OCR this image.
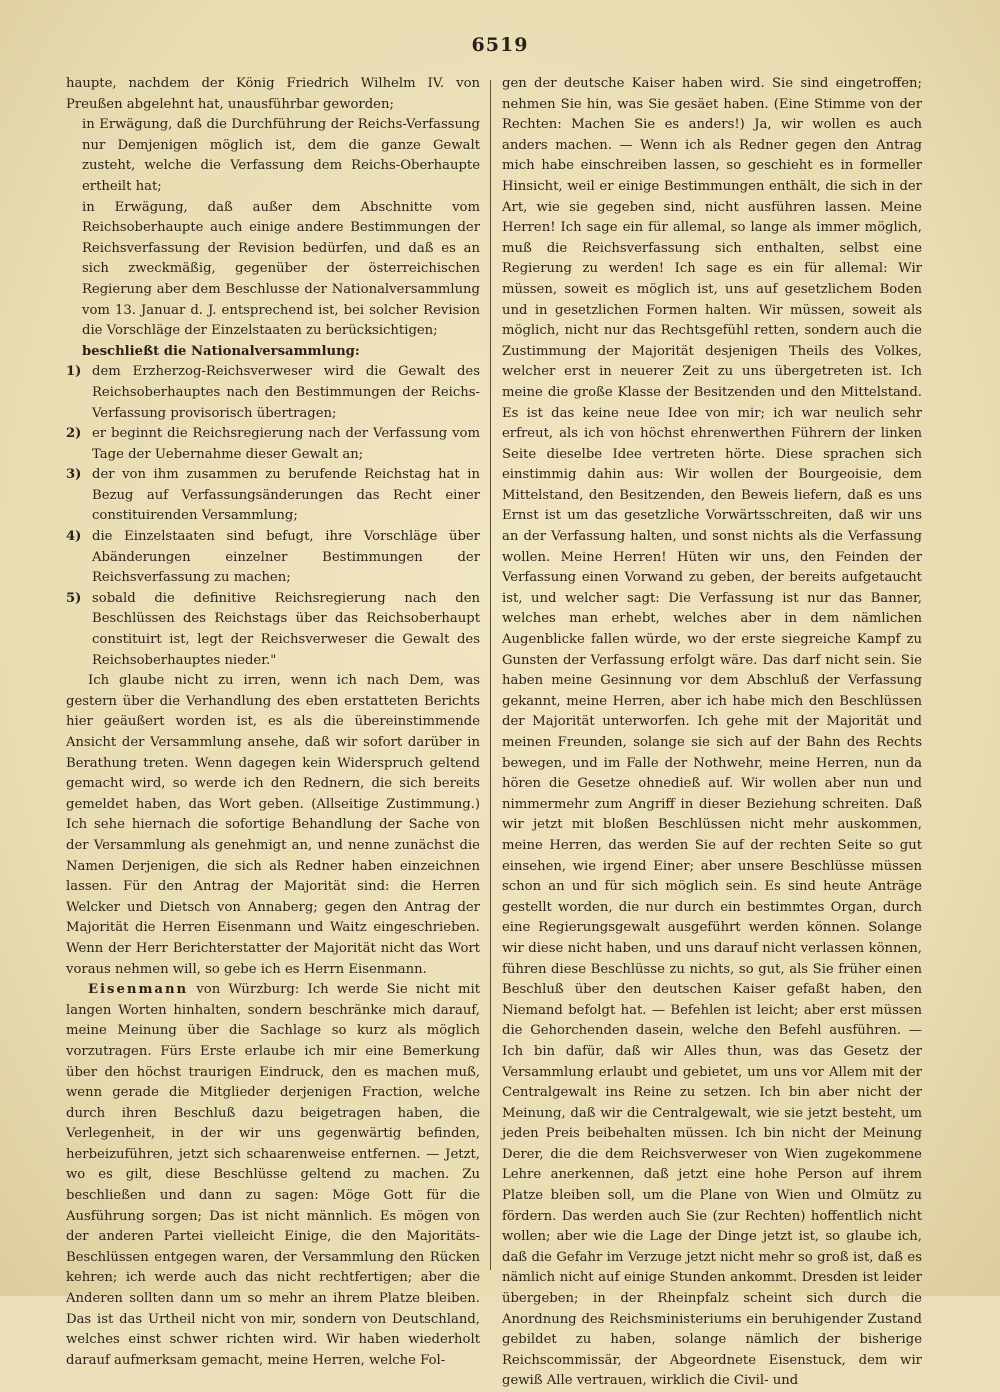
6519

haupte, nachdem der König Friedrich Wilhelm IV. von Preußen abgelehnt hat, unausführbar geworden;

in Erwägung, daß die Durchführung der Reichs-Verfassung nur Demjenigen möglich ist, dem die ganze Gewalt zusteht, welche die Verfassung dem Reichs-Oberhaupte ertheilt hat;

in Erwägung, daß außer dem Abschnitte vom Reichsoberhaupte auch einige andere Bestimmungen der Reichsverfassung der Revision bedürfen, und daß es an sich zweckmäßig, gegenüber der österreichischen Regierung aber dem Beschlusse der Nationalversammlung vom 13. Januar d. J. entsprechend ist, bei solcher Revision die Vorschläge der Einzelstaaten zu berücksichtigen;

beschließt die Nationalversammlung:

1) dem Erzherzog-Reichsverweser wird die Gewalt des Reichsoberhauptes nach den Bestimmungen der Reichs-Verfassung provisorisch übertragen;
2) er beginnt die Reichsregierung nach der Verfassung vom Tage der Uebernahme dieser Gewalt an;
3) der von ihm zusammen zu berufende Reichstag hat in Bezug auf Verfassungsänderungen das Recht einer constituirenden Versammlung;
4) die Einzelstaaten sind befugt, ihre Vorschläge über Abänderungen einzelner Bestimmungen der Reichsverfassung zu machen;
5) sobald die definitive Reichsregierung nach den Beschlüssen des Reichstags über das Reichsoberhaupt constituirt ist, legt der Reichsverweser die Gewalt des Reichsoberhauptes nieder."

Ich glaube nicht zu irren, wenn ich nach Dem, was gestern über die Verhandlung des eben erstatteten Berichts hier geäußert worden ist, es als die übereinstimmende Ansicht der Versammlung ansehe, daß wir sofort darüber in Berathung treten. Wenn dagegen kein Widerspruch geltend gemacht wird, so werde ich den Rednern, die sich bereits gemeldet haben, das Wort geben. (Allseitige Zustimmung.) Ich sehe hiernach die sofortige Behandlung der Sache von der Versammlung als genehmigt an, und nenne zunächst die Namen Derjenigen, die sich als Redner haben einzeichnen lassen. Für den Antrag der Majorität sind: die Herren Welcker und Dietsch von Annaberg; gegen den Antrag der Majorität die Herren Eisenmann und Waitz eingeschrieben. Wenn der Herr Berichterstatter der Majorität nicht das Wort voraus nehmen will, so gebe ich es Herrn Eisenmann.

Eisenmann von Würzburg: Ich werde Sie nicht mit langen Worten hinhalten, sondern beschränke mich darauf, meine Meinung über die Sachlage so kurz als möglich vorzutragen. Fürs Erste erlaube ich mir eine Bemerkung über den höchst traurigen Eindruck, den es machen muß, wenn gerade die Mitglieder derjenigen Fraction, welche durch ihren Beschluß dazu beigetragen haben, die Verlegenheit, in der wir uns gegenwärtig befinden, herbeizuführen, jetzt sich schaarenweise entfernen. — Jetzt, wo es gilt, diese Beschlüsse geltend zu machen. Zu beschließen und dann zu sagen: Möge Gott für die Ausführung sorgen; Das ist nicht männlich. Es mögen von der anderen Partei vielleicht Einige, die den Majoritäts-Beschlüssen entgegen waren, der Versammlung den Rücken kehren; ich werde auch das nicht rechtfertigen; aber die Anderen sollten dann um so mehr an ihrem Platze bleiben. Das ist das Urtheil nicht von mir, sondern von Deutschland, welches einst schwer richten wird. Wir haben wiederholt darauf aufmerksam gemacht, meine Herren, welche Fol-

gen der deutsche Kaiser haben wird. Sie sind eingetroffen; nehmen Sie hin, was Sie gesäet haben. (Eine Stimme von der Rechten: Machen Sie es anders!) Ja, wir wollen es auch anders machen. — Wenn ich als Redner gegen den Antrag mich habe einschreiben lassen, so geschieht es in formeller Hinsicht, weil er einige Bestimmungen enthält, die sich in der Art, wie sie gegeben sind, nicht ausführen lassen. Meine Herren! Ich sage ein für allemal, so lange als immer möglich, muß die Reichsverfassung sich enthalten, selbst eine Regierung zu werden! Ich sage es ein für allemal: Wir müssen, soweit es möglich ist, uns auf gesetzlichem Boden und in gesetzlichen Formen halten. Wir müssen, soweit als möglich, nicht nur das Rechtsgefühl retten, sondern auch die Zustimmung der Majorität desjenigen Theils des Volkes, welcher erst in neuerer Zeit zu uns übergetreten ist. Ich meine die große Klasse der Besitzenden und den Mittelstand. Es ist das keine neue Idee von mir; ich war neulich sehr erfreut, als ich von höchst ehrenwerthen Führern der linken Seite dieselbe Idee vertreten hörte. Diese sprachen sich einstimmig dahin aus: Wir wollen der Bourgeoisie, dem Mittelstand, den Besitzenden, den Beweis liefern, daß es uns Ernst ist um das gesetzliche Vorwärtsschreiten, daß wir uns an der Verfassung halten, und sonst nichts als die Verfassung wollen. Meine Herren! Hüten wir uns, den Feinden der Verfassung einen Vorwand zu geben, der bereits aufgetaucht ist, und welcher sagt: Die Verfassung ist nur das Banner, welches man erhebt, welches aber in dem nämlichen Augenblicke fallen würde, wo der erste siegreiche Kampf zu Gunsten der Verfassung erfolgt wäre. Das darf nicht sein. Sie haben meine Gesinnung vor dem Abschluß der Verfassung gekannt, meine Herren, aber ich habe mich den Beschlüssen der Majorität unterworfen. Ich gehe mit der Majorität und meinen Freunden, solange sie sich auf der Bahn des Rechts bewegen, und im Falle der Nothwehr, meine Herren, nun da hören die Gesetze ohnedieß auf. Wir wollen aber nun und nimmermehr zum Angriff in dieser Beziehung schreiten. Daß wir jetzt mit bloßen Beschlüssen nicht mehr auskommen, meine Herren, das werden Sie auf der rechten Seite so gut einsehen, wie irgend Einer; aber unsere Beschlüsse müssen schon an und für sich möglich sein. Es sind heute Anträge gestellt worden, die nur durch ein bestimmtes Organ, durch eine Regierungsgewalt ausgeführt werden können. Solange wir diese nicht haben, und uns darauf nicht verlassen können, führen diese Beschlüsse zu nichts, so gut, als Sie früher einen Beschluß über den deutschen Kaiser gefaßt haben, den Niemand befolgt hat. — Befehlen ist leicht; aber erst müssen die Gehorchenden dasein, welche den Befehl ausführen. — Ich bin dafür, daß wir Alles thun, was das Gesetz der Versammlung erlaubt und gebietet, um uns vor Allem mit der Centralgewalt ins Reine zu setzen. Ich bin aber nicht der Meinung, daß wir die Centralgewalt, wie sie jetzt besteht, um jeden Preis beibehalten müssen. Ich bin nicht der Meinung Derer, die die dem Reichsverweser von Wien zugekommene Lehre anerkennen, daß jetzt eine hohe Person auf ihrem Platze bleiben soll, um die Plane von Wien und Olmütz zu fördern. Das werden auch Sie (zur Rechten) hoffentlich nicht wollen; aber wie die Lage der Dinge jetzt ist, so glaube ich, daß die Gefahr im Verzuge jetzt nicht mehr so groß ist, daß es nämlich nicht auf einige Stunden ankommt. Dresden ist leider übergeben; in der Rheinpfalz scheint sich durch die Anordnung des Reichsministeriums ein beruhigender Zustand gebildet zu haben, solange nämlich der bisherige Reichscommissär, der Abgeordnete Eisenstuck, dem wir gewiß Alle vertrauen, wirklich die Civil- und
